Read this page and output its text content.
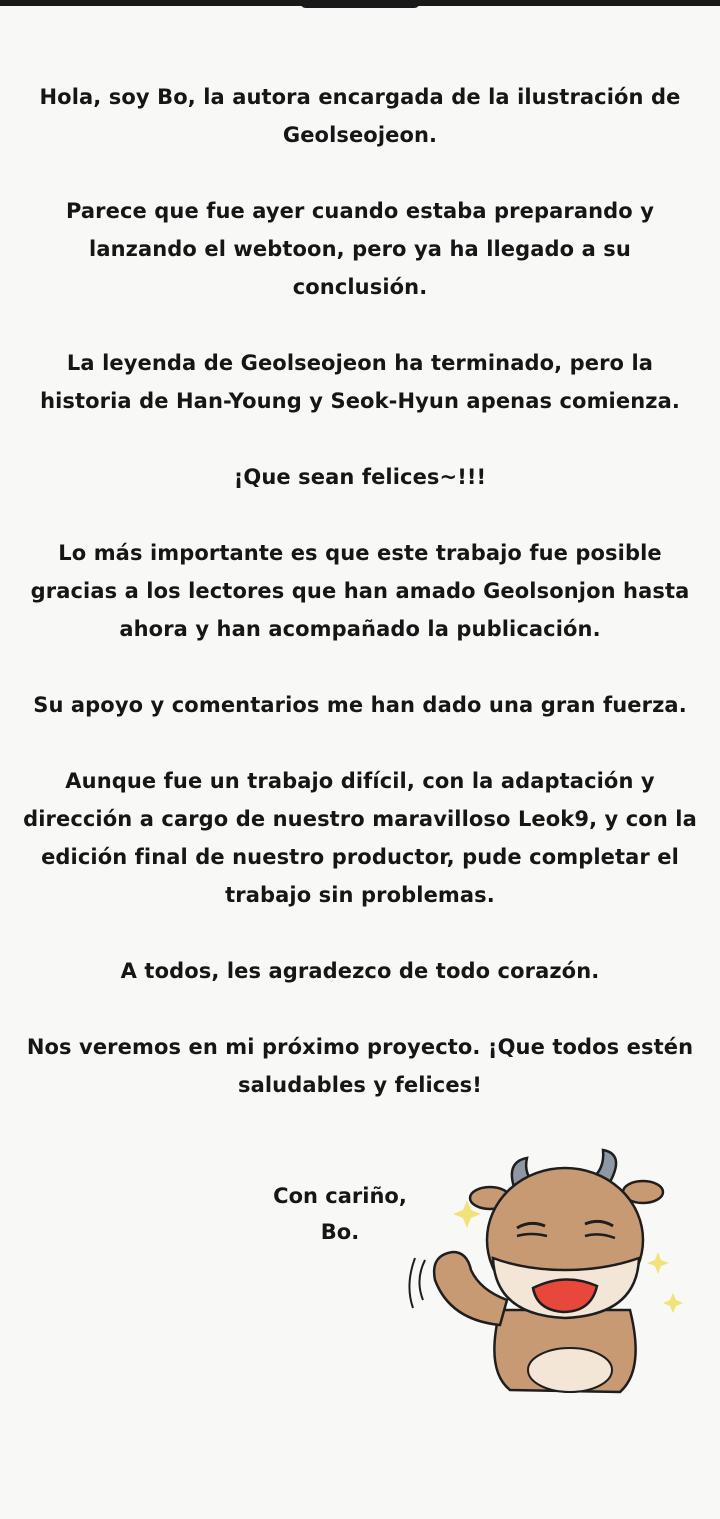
Hola, soy Bo, la autora encargada de la ilustración de
Geolseojeon.

Parece que fue ayer cuando estaba preparando y
lanzando el webtoon, pero ya ha llegado a su
conclusión.

La leyenda de Geolseojeon ha terminado, pero la
historia de Han-Young y Seok-Hyun apenas comienza.

¡Que sean felices~!!!

Lo más importante es que este trabajo fue posible
gracias a los lectores que han amado Geolsonjon hasta
ahora y han acompañado la publicación.

Su apoyo y comentarios me han dado una gran fuerza.

Aunque fue un trabajo difícil, con la adaptación y
dirección a cargo de nuestro maravilloso Leok9, y con la
edición final de nuestro productor, pude completar el
trabajo sin problemas.

A todos, les agradezco de todo corazón.

Nos veremos en mi próximo proyecto. ¡Que todos estén
saludables y felices!

Con cariño,
Bo.
